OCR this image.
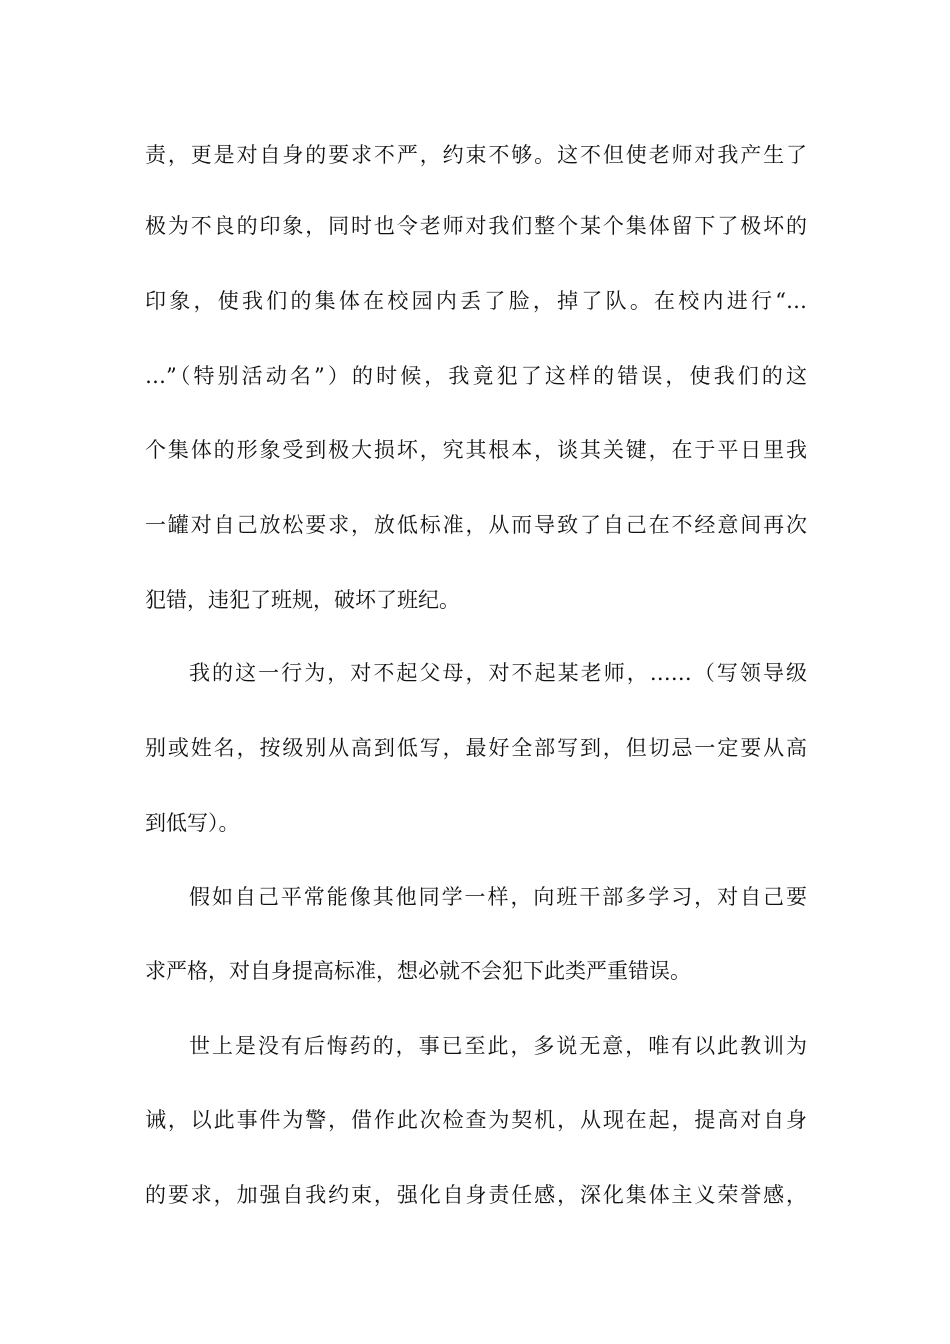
责，更是对自身的要求不严，约束不够。这不但使老师对我产生了
极为不良的印象，同时也令老师对我们整个某个集体留下了极坏的
印象，使我们的集体在校园内丢了脸，掉了队。在校内进行“…
…”（特别活动名”）的时候，我竟犯了这样的错误，使我们的这
个集体的形象受到极大损坏，究其根本，谈其关键，在于平日里我
一罐对自己放松要求，放低标准，从而导致了自己在不经意间再次
犯错，违犯了班规，破坏了班纪。
我的这一行为，对不起父母，对不起某老师，……（写领导级
别或姓名，按级别从高到低写，最好全部写到，但切忌一定要从高
到低写）。
假如自己平常能像其他同学一样，向班干部多学习，对自己要
求严格，对自身提高标准，想必就不会犯下此类严重错误。
世上是没有后悔药的，事已至此，多说无意，唯有以此教训为
诫，以此事件为警，借作此次检查为契机，从现在起，提高对自身
的要求，加强自我约束，强化自身责任感，深化集体主义荣誉感，
